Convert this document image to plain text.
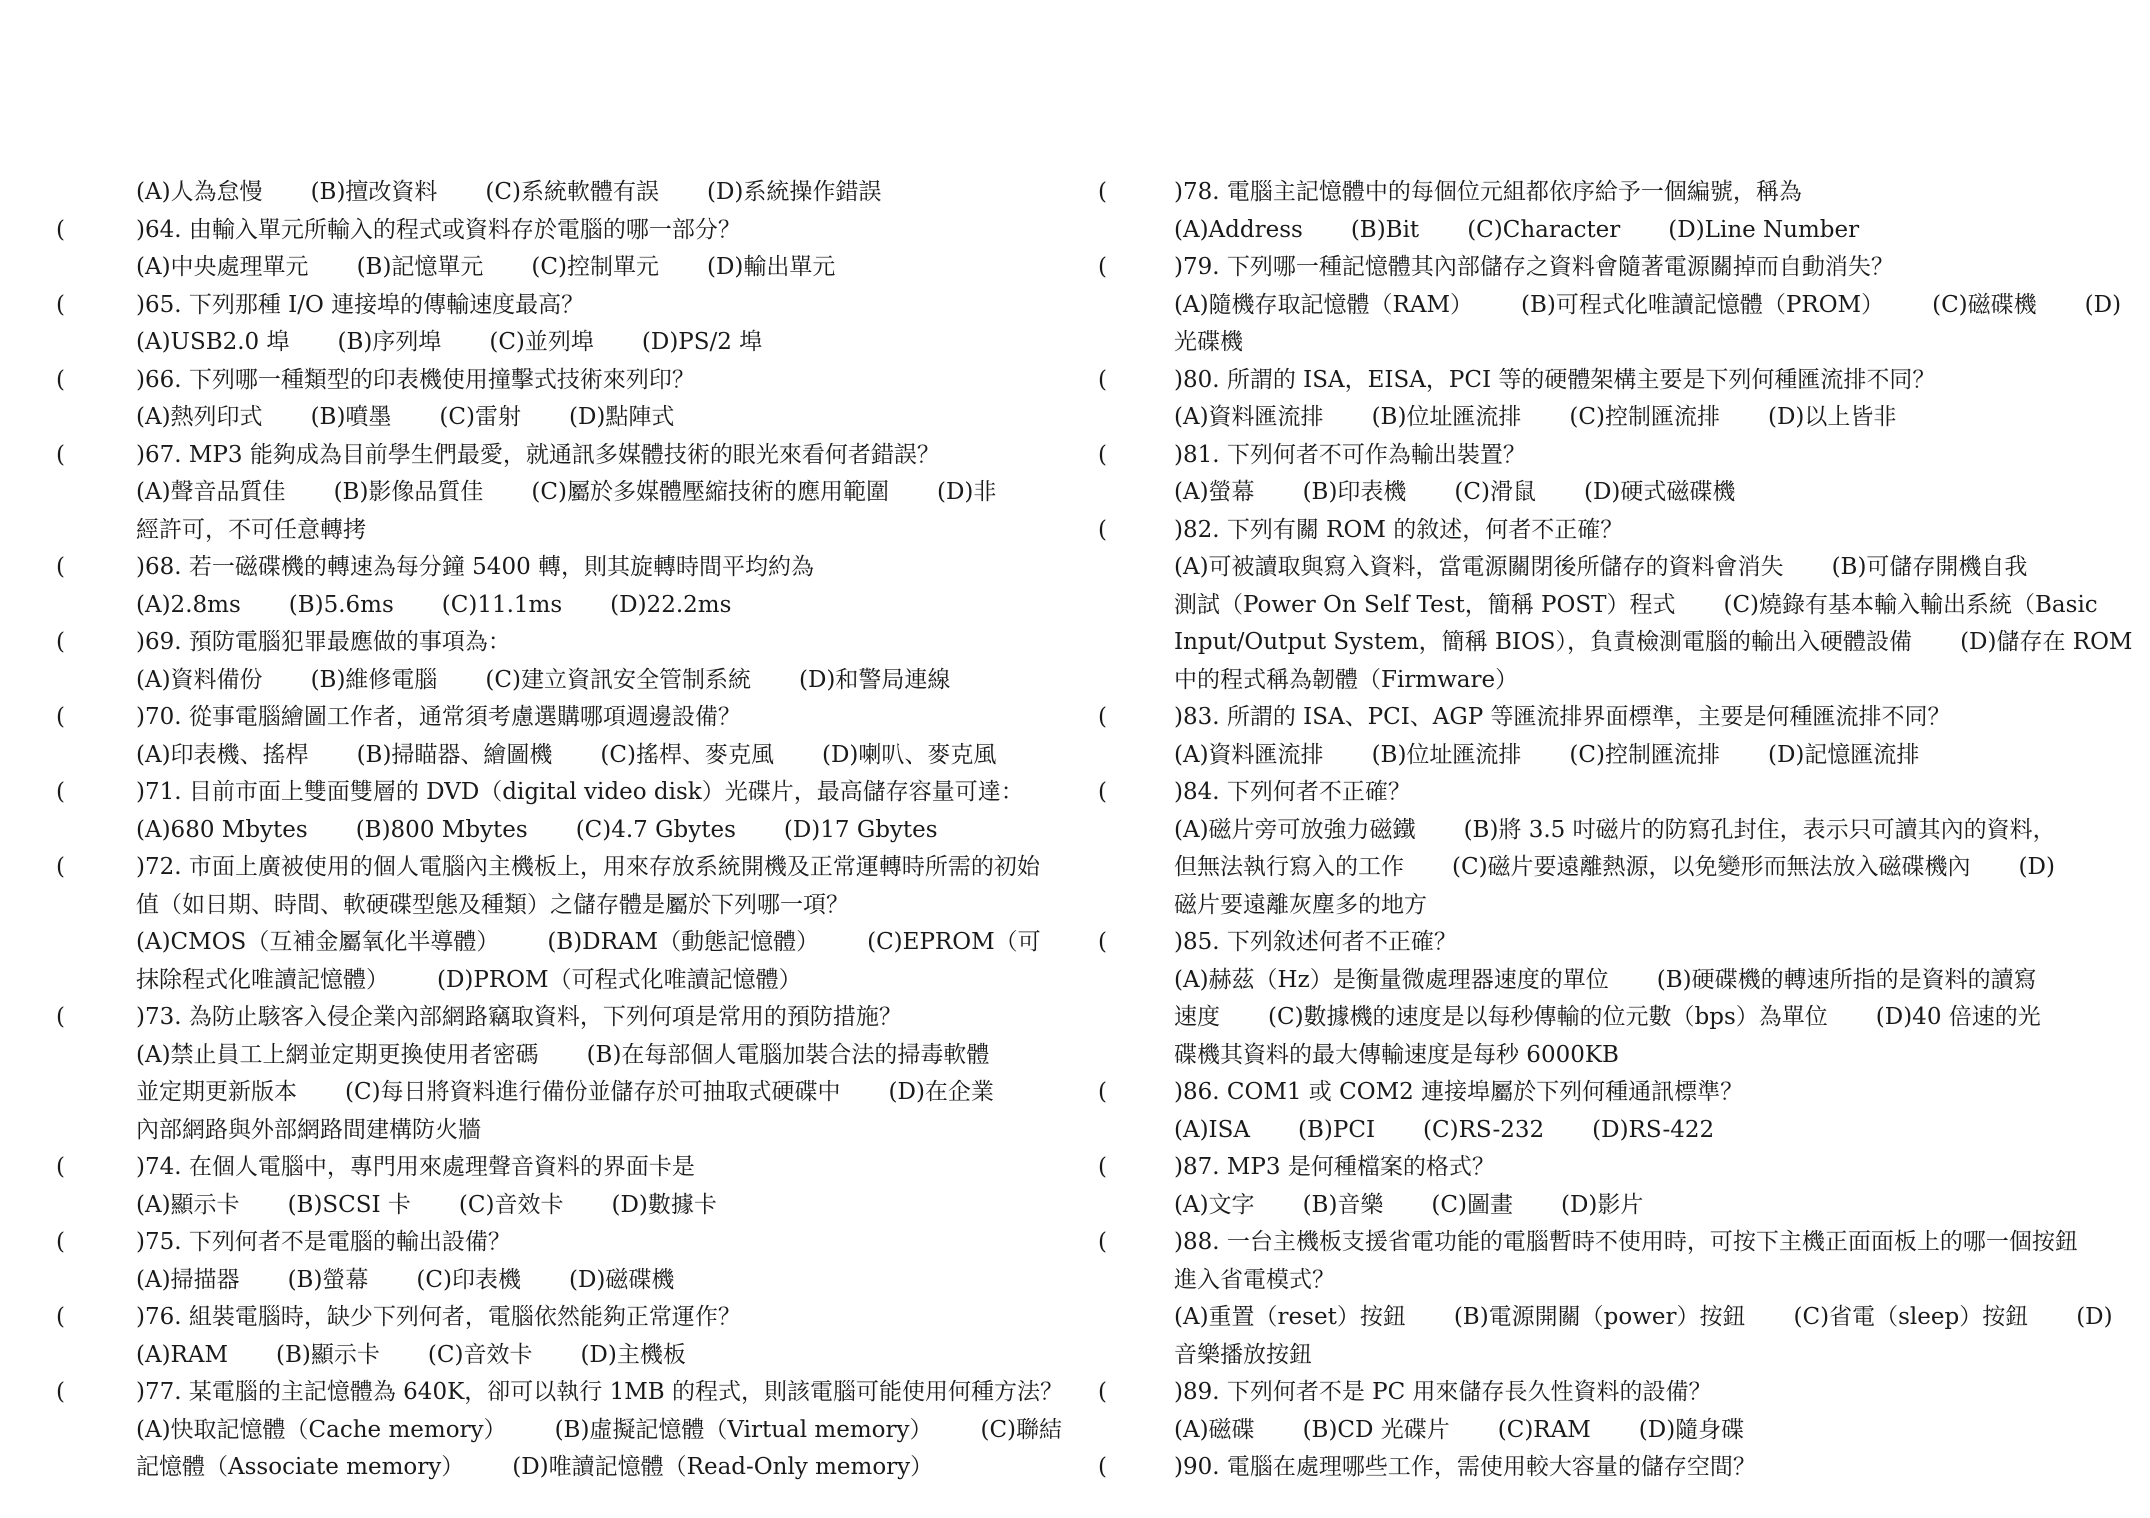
(A)人為怠慢 (B)擅改資料 (C)系統軟體有誤 (D)系統操作錯誤
(	)64. 由輸入單元所輸入的程式或資料存於電腦的哪一部分？
(A)中央處理單元 (B)記憶單元 (C)控制單元 (D)輸出單元
(	)65. 下列那種 I/O 連接埠的傳輸速度最高？
(A)USB2.0 埠 (B)序列埠 (C)並列埠 (D)PS/2 埠
(	)66. 下列哪一種類型的印表機使用撞擊式技術來列印？
(A)熱列印式 (B)噴墨 (C)雷射 (D)點陣式
(	)67. MP3 能夠成為目前學生們最愛，就通訊多媒體技術的眼光來看何者錯誤？
(A)聲音品質佳 (B)影像品質佳 (C)屬於多媒體壓縮技術的應用範圍 (D)非
經許可，不可任意轉拷
(	)68. 若一磁碟機的轉速為每分鐘 5400 轉，則其旋轉時間平均約為
(A)2.8ms (B)5.6ms (C)11.1ms (D)22.2ms
(	)69. 預防電腦犯罪最應做的事項為：
(A)資料備份 (B)維修電腦 (C)建立資訊安全管制系統 (D)和警局連線
(	)70. 從事電腦繪圖工作者，通常須考慮選購哪項週邊設備？
(A)印表機、搖桿 (B)掃瞄器、繪圖機 (C)搖桿、麥克風 (D)喇叭、麥克風
(	)71. 目前市面上雙面雙層的 DVD（digital video disk）光碟片，最高儲存容量可達：
(A)680 Mbytes (B)800 Mbytes (C)4.7 Gbytes (D)17 Gbytes
(	)72. 市面上廣被使用的個人電腦內主機板上，用來存放系統開機及正常運轉時所需的初始
值（如日期、時間、軟硬碟型態及種類）之儲存體是屬於下列哪一項？
(A)CMOS（互補金屬氧化半導體） (B)DRAM（動態記憶體） (C)EPROM（可
抹除程式化唯讀記憶體） (D)PROM（可程式化唯讀記憶體）
(	)73. 為防止駭客入侵企業內部網路竊取資料，下列何項是常用的預防措施？
(A)禁止員工上網並定期更換使用者密碼 (B)在每部個人電腦加裝合法的掃毒軟體
並定期更新版本 (C)每日將資料進行備份並儲存於可抽取式硬碟中 (D)在企業
內部網路與外部網路間建構防火牆
(	)74. 在個人電腦中，專門用來處理聲音資料的界面卡是
(A)顯示卡 (B)SCSI 卡 (C)音效卡 (D)數據卡
(	)75. 下列何者不是電腦的輸出設備？
(A)掃描器 (B)螢幕 (C)印表機 (D)磁碟機
(	)76. 組裝電腦時，缺少下列何者，電腦依然能夠正常運作？
(A)RAM (B)顯示卡 (C)音效卡 (D)主機板
(	)77. 某電腦的主記憶體為 640K，卻可以執行 1MB 的程式，則該電腦可能使用何種方法？
(A)快取記憶體（Cache memory） (B)虛擬記憶體（Virtual memory） (C)聯結
記憶體（Associate memory） (D)唯讀記憶體（Read-Only memory）
(	)78. 電腦主記憶體中的每個位元組都依序給予一個編號，稱為
(A)Address (B)Bit (C)Character (D)Line Number
(	)79. 下列哪一種記憶體其內部儲存之資料會隨著電源關掉而自動消失？
(A)隨機存取記憶體（RAM） (B)可程式化唯讀記憶體（PROM） (C)磁碟機 (D)
光碟機
(	)80. 所謂的 ISA，EISA，PCI 等的硬體架構主要是下列何種匯流排不同？
(A)資料匯流排 (B)位址匯流排 (C)控制匯流排 (D)以上皆非
(	)81. 下列何者不可作為輸出裝置？
(A)螢幕 (B)印表機 (C)滑鼠 (D)硬式磁碟機
(	)82. 下列有關 ROM 的敘述，何者不正確？
(A)可被讀取與寫入資料，當電源關閉後所儲存的資料會消失 (B)可儲存開機自我
測試（Power On Self Test，簡稱 POST）程式 (C)燒錄有基本輸入輸出系統（Basic
Input/Output System，簡稱 BIOS），負責檢測電腦的輸出入硬體設備 (D)儲存在 ROM
中的程式稱為韌體（Firmware）
(	)83. 所謂的 ISA、PCI、AGP 等匯流排界面標準，主要是何種匯流排不同？
(A)資料匯流排 (B)位址匯流排 (C)控制匯流排 (D)記憶匯流排
(	)84. 下列何者不正確？
(A)磁片旁可放強力磁鐵 (B)將 3.5 吋磁片的防寫孔封住，表示只可讀其內的資料，
但無法執行寫入的工作 (C)磁片要遠離熱源，以免變形而無法放入磁碟機內 (D)
磁片要遠離灰塵多的地方
(	)85. 下列敘述何者不正確？
(A)赫茲（Hz）是衡量微處理器速度的單位 (B)硬碟機的轉速所指的是資料的讀寫
速度 (C)數據機的速度是以每秒傳輸的位元數（bps）為單位 (D)40 倍速的光
碟機其資料的最大傳輸速度是每秒 6000KB
(	)86. COM1 或 COM2 連接埠屬於下列何種通訊標準？
(A)ISA (B)PCI (C)RS-232 (D)RS-422
(	)87. MP3 是何種檔案的格式？
(A)文字 (B)音樂 (C)圖畫 (D)影片
(	)88. 一台主機板支援省電功能的電腦暫時不使用時，可按下主機正面面板上的哪一個按鈕
進入省電模式？
(A)重置（reset）按鈕 (B)電源開關（power）按鈕 (C)省電（sleep）按鈕 (D)
音樂播放按鈕
(	)89. 下列何者不是 PC 用來儲存長久性資料的設備？
(A)磁碟 (B)CD 光碟片 (C)RAM (D)隨身碟
(	)90. 電腦在處理哪些工作，需使用較大容量的儲存空間？
